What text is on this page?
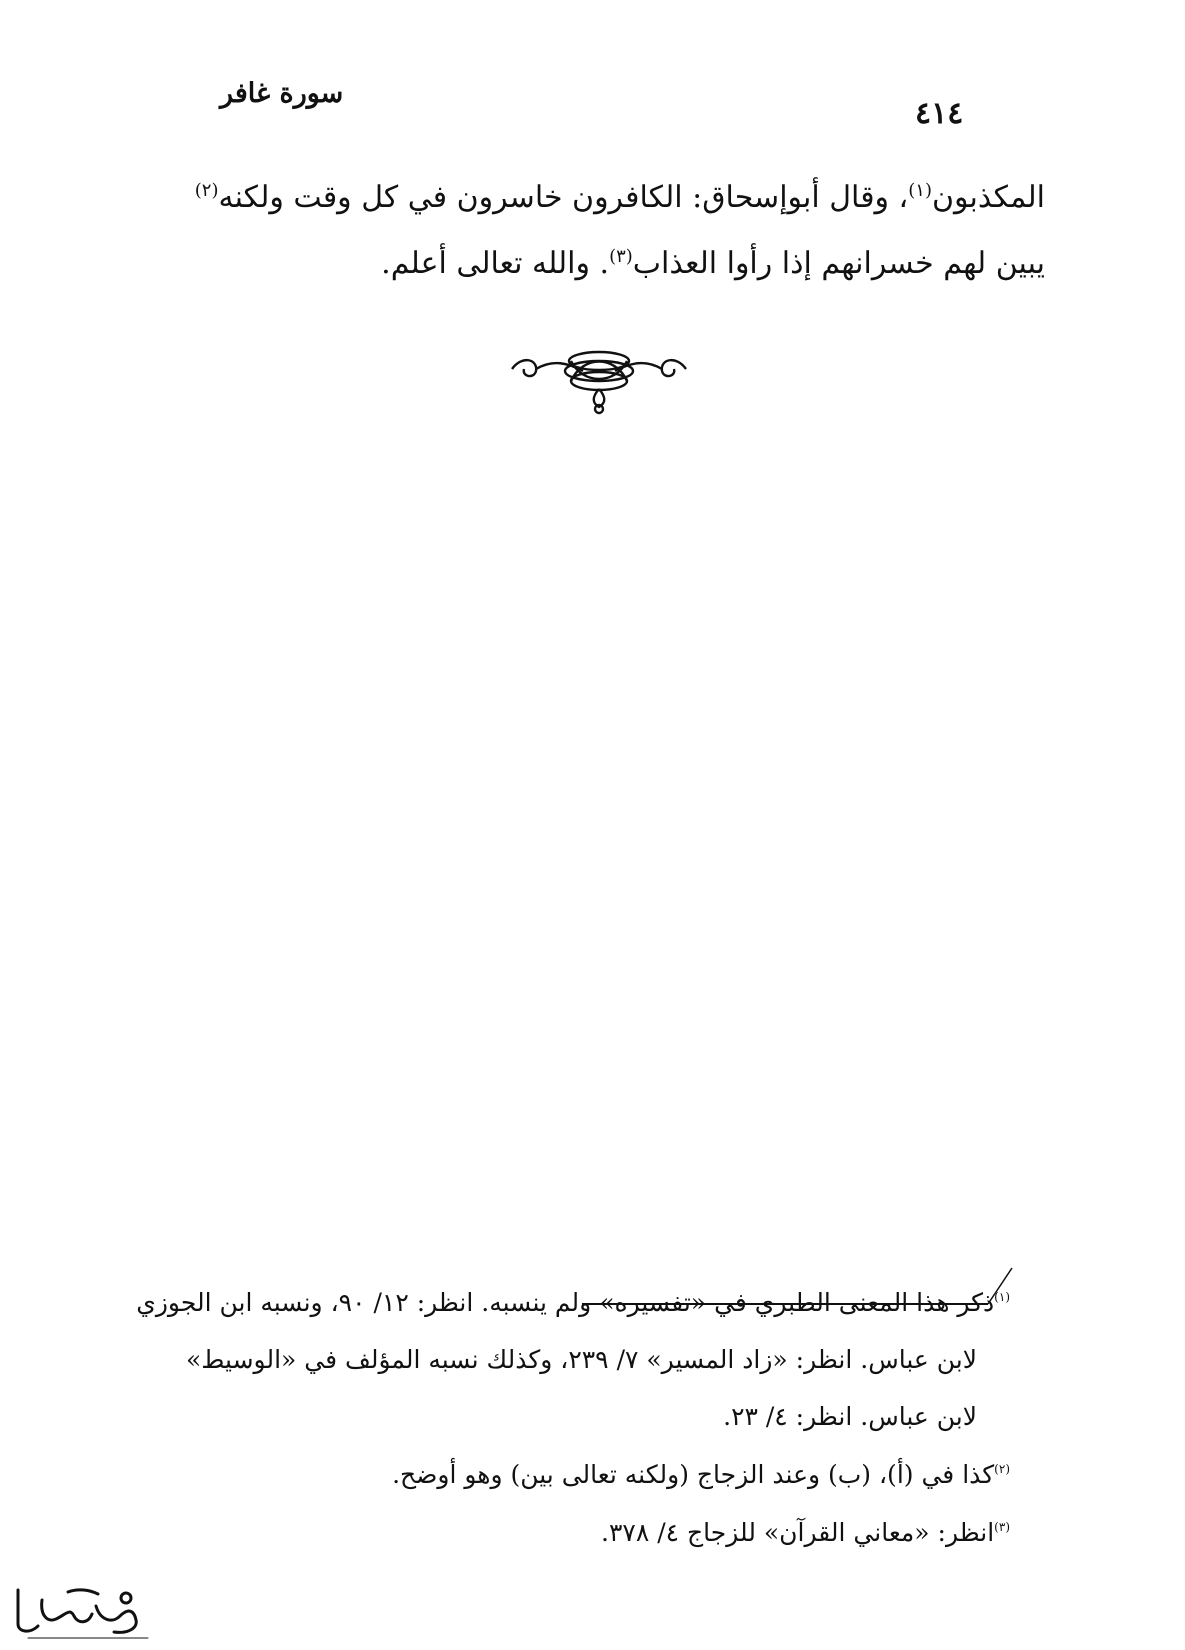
سورة غافر
٤١٤
المكذبون$^{(١)}$، وقال أبوإسحاق: الكافرون خاسرون في كل وقت ولكنه$^{(٢)}$
يبين لهم خسرانهم إذا رأوا العذاب$^{(٣)}$. والله تعالى أعلم.
$^{(١)}$ذكر هذا المعنى الطبري في «تفسيره» ولم ينسبه. انظر: ١٢/ ٩٠، ونسبه ابن الجوزي
لابن عباس. انظر: «زاد المسير» ٧/ ٢٣٩، وكذلك نسبه المؤلف في «الوسيط»
لابن عباس. انظر: ٤/ ٢٣.
$^{(٢)}$كذا في (أ)، (ب) وعند الزجاج (ولكنه تعالى بين) وهو أوضح.
$^{(٣)}$انظر: «معاني القرآن» للزجاج ٤/ ٣٧٨.
